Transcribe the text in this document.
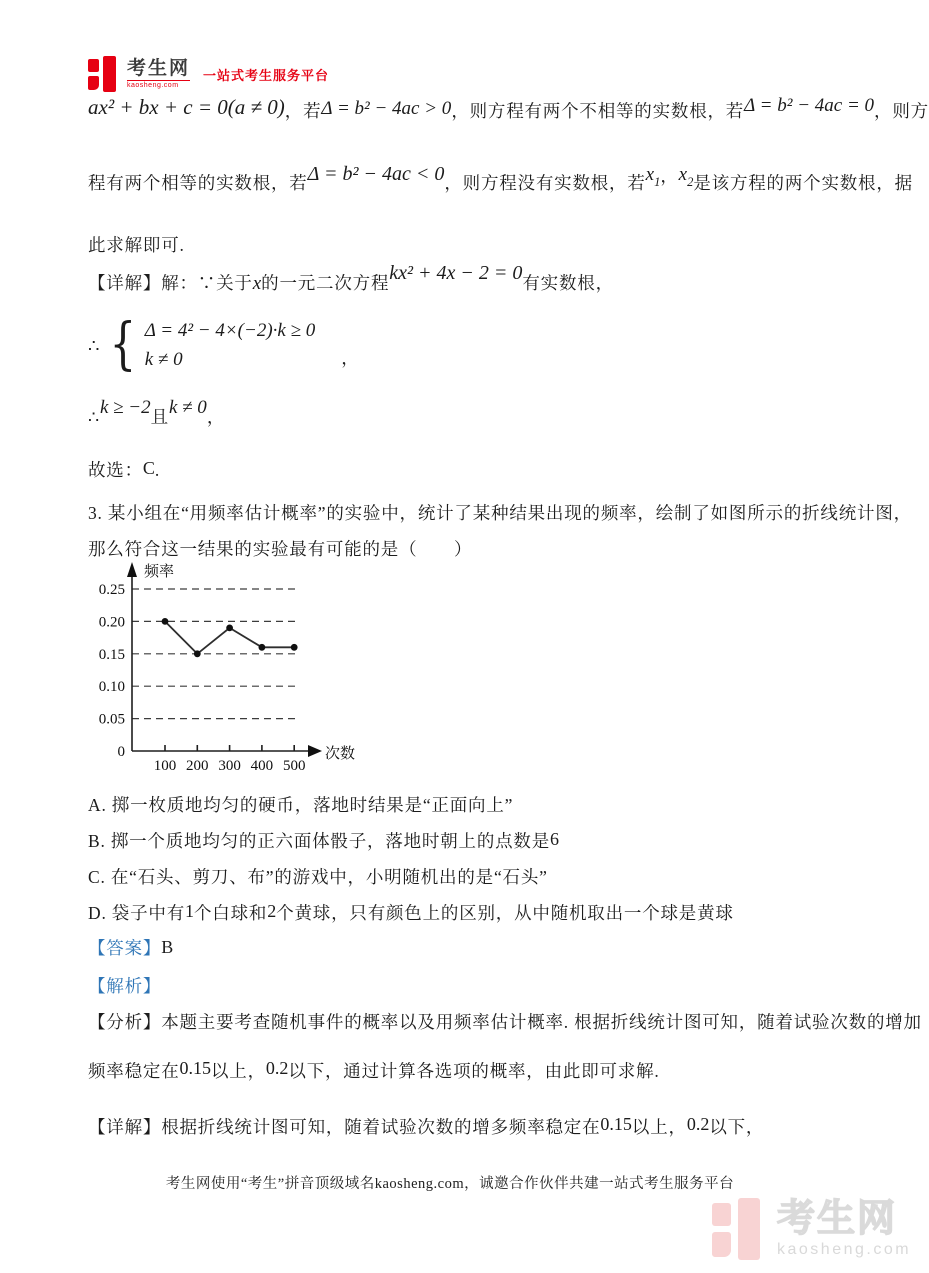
考生网
kaosheng.com
一站式考生服务平台
ax² + bx + c = 0(a ≠ 0)，若Δ = b² − 4ac > 0，则方程有两个不相等的实数根，若Δ = b² − 4ac = 0，则方
程有两个相等的实数根，若Δ = b² − 4ac < 0，则方程没有实数根，若x1，x2是该方程的两个实数根，据
此求解即可.
【详解】解：∵关于x的一元二次方程kx² + 4x − 2 = 0有实数根，
∴ { Δ = 4² − 4×(−2)·k ≥ 0
k ≠ 0	，
∴k ≥ −2且k ≠ 0，
故选：C.
3. 某小组在“用频率估计概率”的实验中，统计了某种结果出现的频率，绘制了如图所示的折线统计图，
那么符合这一结果的实验最有可能的是（　　）
A. 掷一枚质地均匀的硬币，落地时结果是“正面向上”
B. 掷一个质地均匀的正六面体骰子，落地时朝上的点数是6
C. 在“石头、剪刀、布”的游戏中，小明随机出的是“石头”
D. 袋子中有1个白球和2个黄球，只有颜色上的区别，从中随机取出一个球是黄球
【答案】B
【解析】
【分析】本题主要考查随机事件的概率以及用频率估计概率. 根据折线统计图可知，随着试验次数的增加
频率稳定在0.15以上，0.2以下，通过计算各选项的概率，由此即可求解.
【详解】根据折线统计图可知，随着试验次数的增多频率稳定在0.15以上，0.2以下，
0
0.05
0.10
0.15
0.20
0.25
100 200 300 400 500
频率
次数
考生网使用“考生”拼音顶级域名kaosheng.com，诚邀合作伙伴共建一站式考生服务平台
考生网
kaosheng.com
